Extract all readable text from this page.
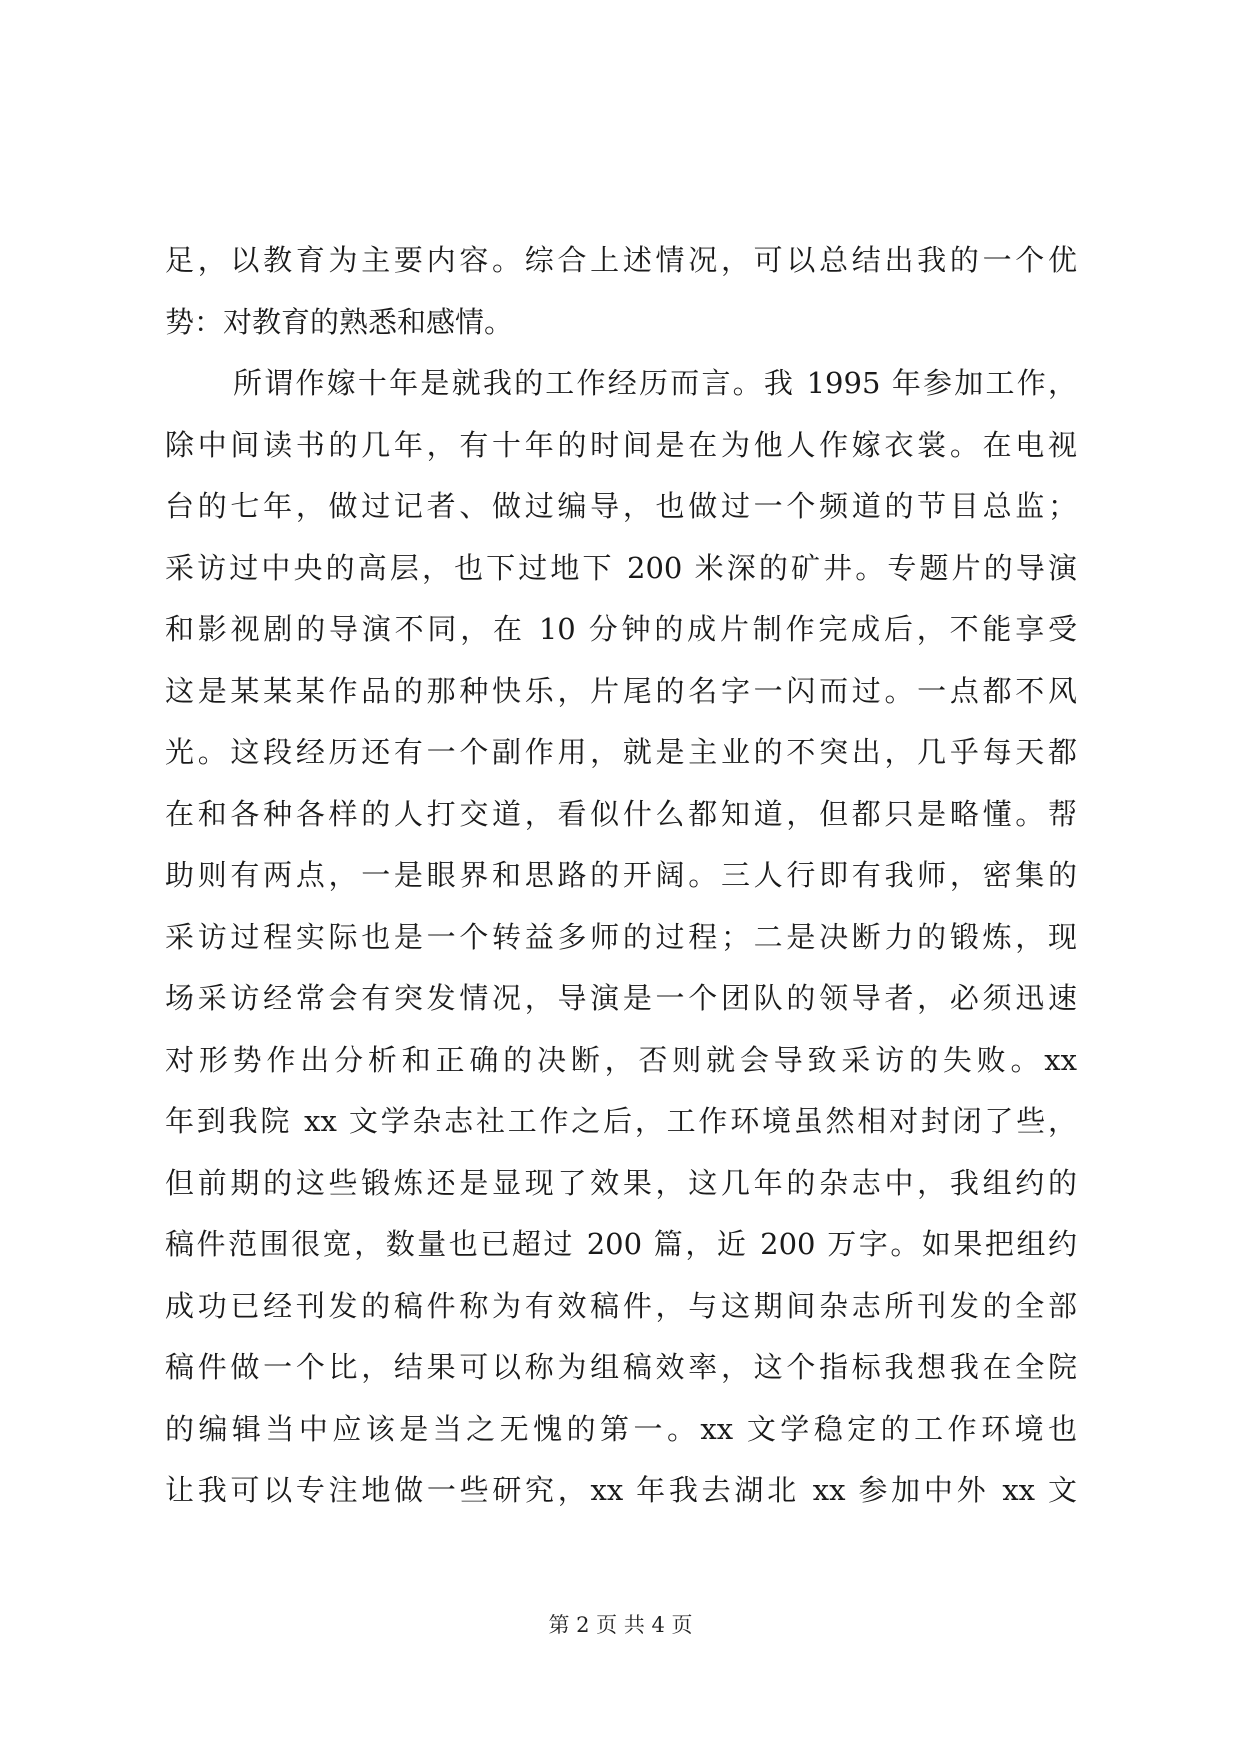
足，以教育为主要内容。综合上述情况，可以总结出我的一个优
势：对教育的熟悉和感情。
所谓作嫁十年是就我的工作经历而言。我 1995 年参加工作，
除中间读书的几年，有十年的时间是在为他人作嫁衣裳。在电视
台的七年，做过记者、做过编导，也做过一个频道的节目总监；
采访过中央的高层，也下过地下 200 米深的矿井。专题片的导演
和影视剧的导演不同，在 10 分钟的成片制作完成后，不能享受
这是某某某作品的那种快乐，片尾的名字一闪而过。一点都不风
光。这段经历还有一个副作用，就是主业的不突出，几乎每天都
在和各种各样的人打交道，看似什么都知道，但都只是略懂。帮
助则有两点，一是眼界和思路的开阔。三人行即有我师，密集的
采访过程实际也是一个转益多师的过程；二是决断力的锻炼，现
场采访经常会有突发情况，导演是一个团队的领导者，必须迅速
对形势作出分析和正确的决断，否则就会导致采访的失败。xx
年到我院 xx 文学杂志社工作之后，工作环境虽然相对封闭了些，
但前期的这些锻炼还是显现了效果，这几年的杂志中，我组约的
稿件范围很宽，数量也已超过 200 篇，近 200 万字。如果把组约
成功已经刊发的稿件称为有效稿件，与这期间杂志所刊发的全部
稿件做一个比，结果可以称为组稿效率，这个指标我想我在全院
的编辑当中应该是当之无愧的第一。xx 文学稳定的工作环境也
让我可以专注地做一些研究，xx 年我去湖北 xx 参加中外 xx 文
第 2 页 共 4 页
